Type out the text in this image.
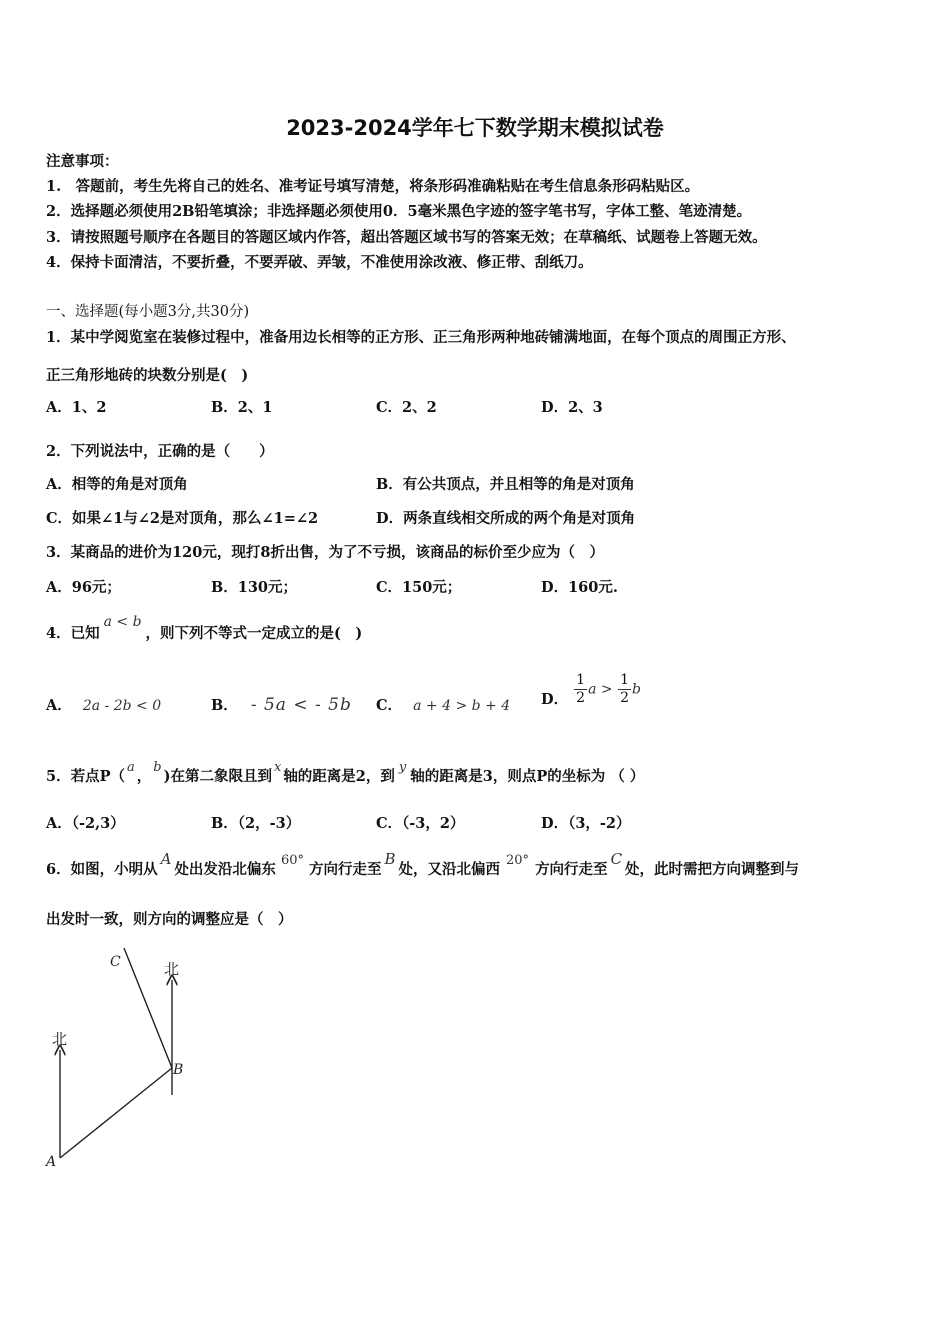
2023-2024学年七下数学期末模拟试卷
注意事项：
1.　答题前，考生先将自己的姓名、准考证号填写清楚，将条形码准确粘贴在考生信息条形码粘贴区。
2．选择题必须使用2B铅笔填涂；非选择题必须使用0．5毫米黑色字迹的签字笔书写，字体工整、笔迹清楚。
3．请按照题号顺序在各题目的答题区域内作答，超出答题区域书写的答案无效；在草稿纸、试题卷上答题无效。
4．保持卡面清洁，不要折叠，不要弄破、弄皱，不准使用涂改液、修正带、刮纸刀。
一、选择题(每小题3分,共30分)
1．某中学阅览室在装修过程中，准备用边长相等的正方形、正三角形两种地砖铺满地面，在每个顶点的周围正方形、
正三角形地砖的块数分别是(　)
A．1、2	B．2、1	C．2、2	D．2、3
2．下列说法中，正确的是（　　）
A．相等的角是对顶角	B．有公共顶点，并且相等的角是对顶角
C．如果∠1与∠2是对顶角，那么∠1=∠2	D．两条直线相交所成的两个角是对顶角
3．某商品的进价为120元，现打8折出售，为了不亏损，该商品的标价至少应为（　）
A．96元；	B．130元；	C．150元；	D．160元.
4．已知a < b，则下列不等式一定成立的是(　)
A． 2a - 2b < 0	B． - 5a < - 5b C． a + 4 > b + 4 D． $\frac{1}{2}$ $a > \frac{1}{2}$ b
5．若点P（a，b)在第二象限且到x轴的距离是2，到y轴的距离是3，则点P的坐标为 （ ）
A．（-2,3）	B．（2，-3）	C．（-3，2）	D．（3，-2）
6．如图，小明从A处出发沿北偏东60°方向行走至B处，又沿北偏西20°方向行走至C处，此时需把方向调整到与
出发时一致，则方向的调整应是（　）
北
北
A
B
C
